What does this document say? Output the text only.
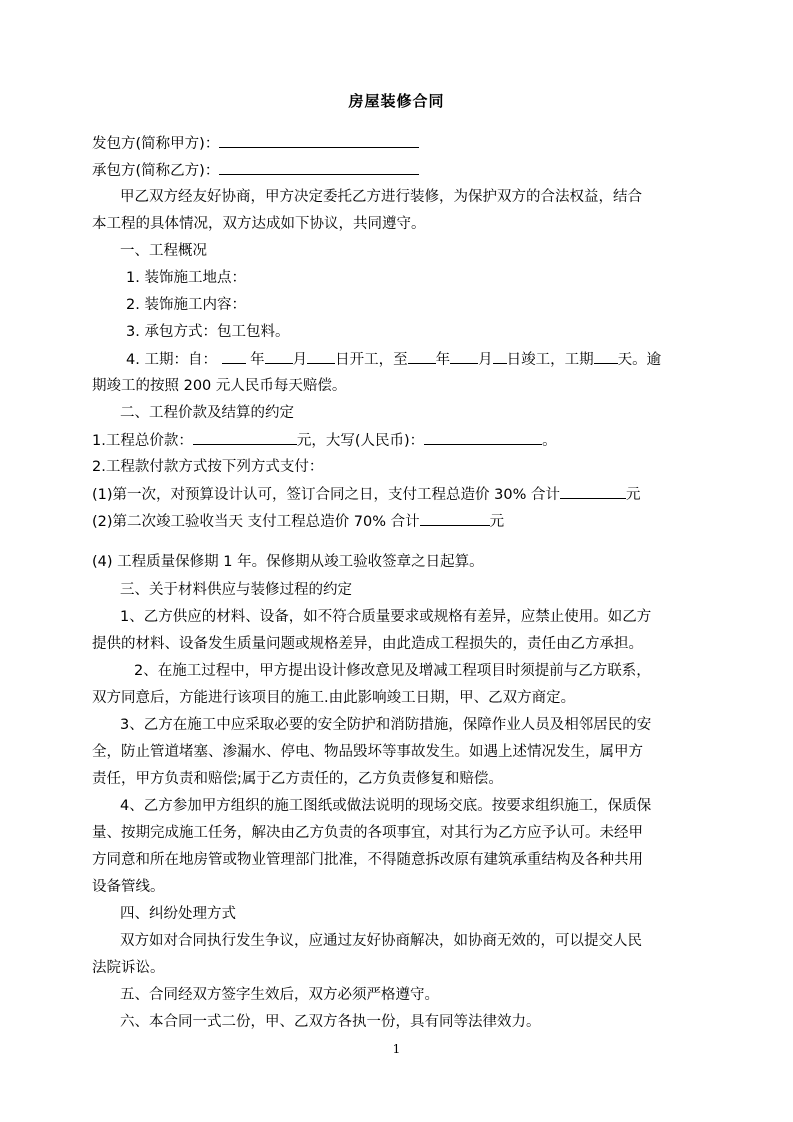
房屋装修合同
发包方(简称甲方)：
承包方(简称乙方)：
甲乙双方经友好协商，甲方决定委托乙方进行装修，为保护双方的合法权益，结合
本工程的具体情况，双方达成如下协议，共同遵守。
一、工程概况
1. 装饰施工地点：
2. 装饰施工内容：
3. 承包方式：包工包料。
4. 工期：自： 年 月 日开工，至 年 月 日竣工，工期 天。逾
期竣工的按照 200 元人民币每天赔偿。
二、工程价款及结算的约定
1.工程总价款：	元，大写(人民币)：	。
2.工程款付款方式按下列方式支付：
(1)第一次，对预算设计认可，签订合同之日，支付工程总造价 30% 合计	元
(2)第二次竣工验收当天 支付工程总造价 70% 合计	元
(4) 工程质量保修期 1 年。保修期从竣工验收签章之日起算。
三、关于材料供应与装修过程的约定
1、乙方供应的材料、设备，如不符合质量要求或规格有差异，应禁止使用。如乙方
提供的材料、设备发生质量问题或规格差异，由此造成工程损失的，责任由乙方承担。
2、在施工过程中，甲方提出设计修改意见及增减工程项目时须提前与乙方联系，
双方同意后，方能进行该项目的施工.由此影响竣工日期，甲、乙双方商定。
3、乙方在施工中应采取必要的安全防护和消防措施，保障作业人员及相邻居民的安
全，防止管道堵塞、渗漏水、停电、物品毁坏等事故发生。如遇上述情况发生，属甲方
责任，甲方负责和赔偿;属于乙方责任的，乙方负责修复和赔偿。
4、乙方参加甲方组织的施工图纸或做法说明的现场交底。按要求组织施工，保质保
量、按期完成施工任务，解决由乙方负责的各项事宜，对其行为乙方应予认可。未经甲
方同意和所在地房管或物业管理部门批准，不得随意拆改原有建筑承重结构及各种共用
设备管线。
四、纠纷处理方式
双方如对合同执行发生争议，应通过友好协商解决，如协商无效的，可以提交人民
法院诉讼。
五、合同经双方签字生效后，双方必须严格遵守。
六、本合同一式二份，甲、乙双方各执一份，具有同等法律效力。
1
